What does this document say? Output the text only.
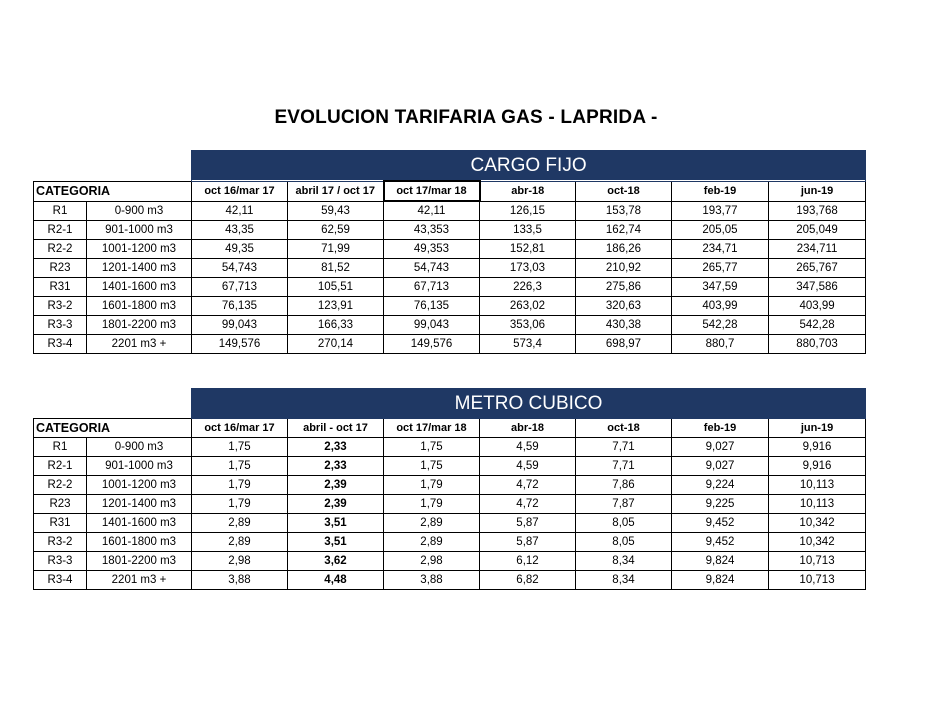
EVOLUCION TARIFARIA GAS - LAPRIDA -
		CARGO FIJO						
CATEGORIA		oct 16/mar 17	abril 17 / oct 17	oct 17/mar 18	abr-18	oct-18	feb-19	jun-19
R1	0-900 m3	42,11	59,43	42,11	126,15	153,78	193,77	193,768
R2-1	901-1000 m3	43,35	62,59	43,353	133,5	162,74	205,05	205,049
R2-2	1001-1200 m3	49,35	71,99	49,353	152,81	186,26	234,71	234,711
R23	1201-1400 m3	54,743	81,52	54,743	173,03	210,92	265,77	265,767
R31	1401-1600 m3	67,713	105,51	67,713	226,3	275,86	347,59	347,586
R3-2	1601-1800 m3	76,135	123,91	76,135	263,02	320,63	403,99	403,99
R3-3	1801-2200 m3	99,043	166,33	99,043	353,06	430,38	542,28	542,28
R3-4	2201 m3 +	149,576	270,14	149,576	573,4	698,97	880,7	880,703
		METRO CUBICO						
CATEGORIA		oct 16/mar 17	abril - oct 17	oct 17/mar 18	abr-18	oct-18	feb-19	jun-19
R1	0-900 m3	1,75	2,33	1,75	4,59	7,71	9,027	9,916
R2-1	901-1000 m3	1,75	2,33	1,75	4,59	7,71	9,027	9,916
R2-2	1001-1200 m3	1,79	2,39	1,79	4,72	7,86	9,224	10,113
R23	1201-1400 m3	1,79	2,39	1,79	4,72	7,87	9,225	10,113
R31	1401-1600 m3	2,89	3,51	2,89	5,87	8,05	9,452	10,342
R3-2	1601-1800 m3	2,89	3,51	2,89	5,87	8,05	9,452	10,342
R3-3	1801-2200 m3	2,98	3,62	2,98	6,12	8,34	9,824	10,713
R3-4	2201 m3 +	3,88	4,48	3,88	6,82	8,34	9,824	10,713
